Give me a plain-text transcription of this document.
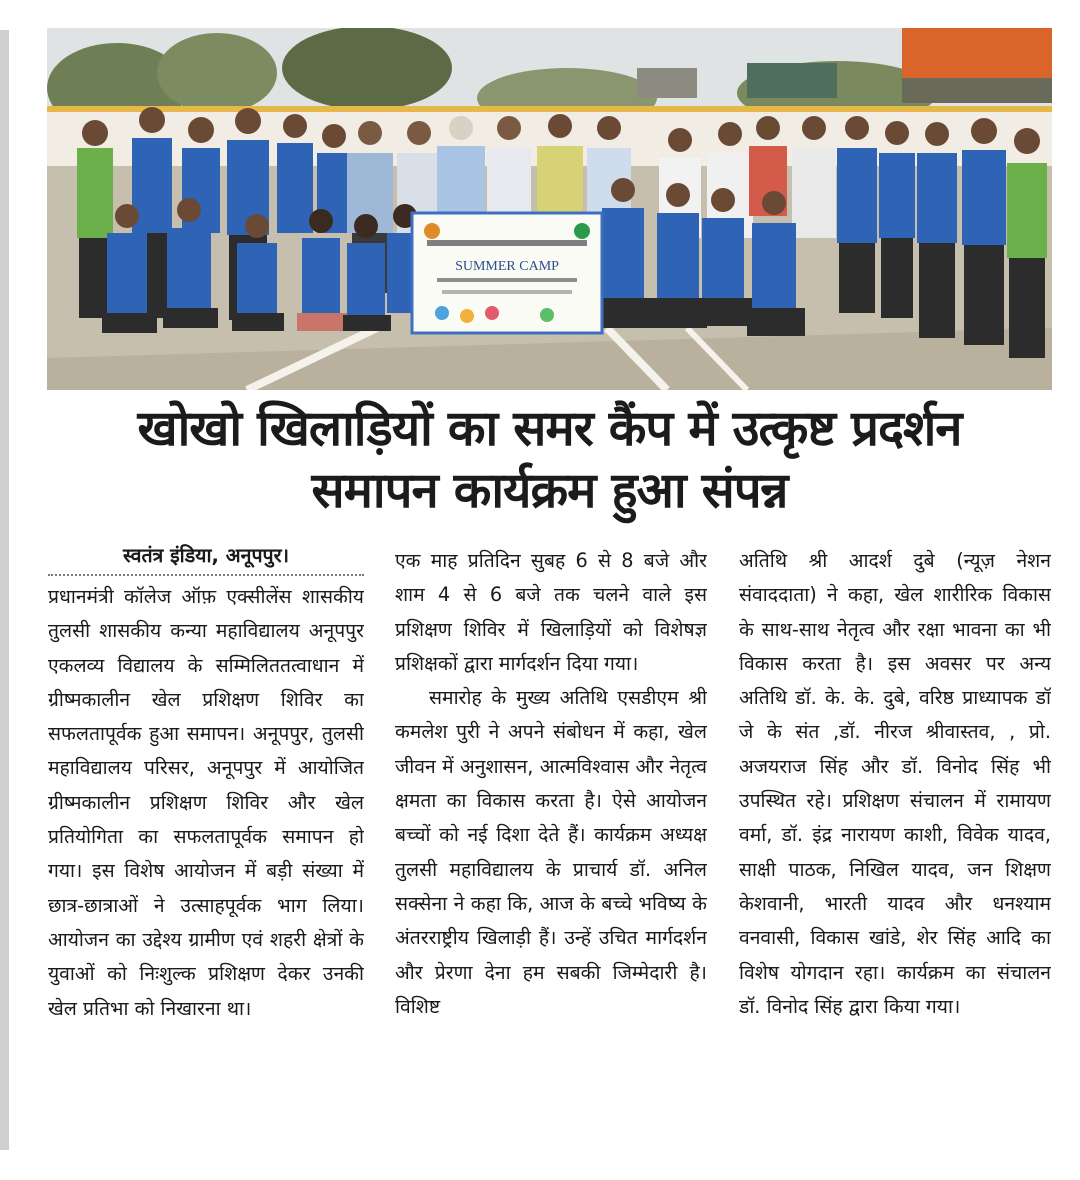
SUMMER CAMP
खोखो खिलाड़ियों का समर कैंप में उत्कृष्ट प्रदर्शन
समापन कार्यक्रम हुआ संपन्न

स्वतंत्र इंडिया, अनूपपुर।

प्रधानमंत्री कॉलेज ऑफ़ एक्सीलेंस शासकीय तुलसी शासकीय कन्या महाविद्यालय अनूपपुर एकलव्य विद्यालय के सम्मिलिततत्वाधान में ग्रीष्मकालीन खेल प्रशिक्षण शिविर का सफलतापूर्वक हुआ समापन। अनूपपुर, तुलसी महाविद्यालय परिसर, अनूपपुर में आयोजित ग्रीष्मकालीन प्रशिक्षण शिविर और खेल प्रतियोगिता का सफलतापूर्वक समापन हो गया। इस विशेष आयोजन में बड़ी संख्या में छात्र-छात्राओं ने उत्साहपूर्वक भाग लिया। आयोजन का उद्देश्य ग्रामीण एवं शहरी क्षेत्रों के युवाओं को निःशुल्क प्रशिक्षण देकर उनकी खेल प्रतिभा को निखारना था।

एक माह प्रतिदिन सुबह 6 से 8 बजे और शाम 4 से 6 बजे तक चलने वाले इस प्रशिक्षण शिविर में खिलाड़ियों को विशेषज्ञ प्रशिक्षकों द्वारा मार्गदर्शन दिया गया।

समारोह के मुख्य अतिथि एसडीएम श्री कमलेश पुरी ने अपने संबोधन में कहा, खेल जीवन में अनुशासन, आत्मविश्वास और नेतृत्व क्षमता का विकास करता है। ऐसे आयोजन बच्चों को नई दिशा देते हैं। कार्यक्रम अध्यक्ष तुलसी महाविद्यालय के प्राचार्य डॉ. अनिल सक्सेना ने कहा कि, आज के बच्चे भविष्य के अंतरराष्ट्रीय खिलाड़ी हैं। उन्हें उचित मार्गदर्शन और प्रेरणा देना हम सबकी जिम्मेदारी है। विशिष्ट

अतिथि श्री आदर्श दुबे (न्यूज़ नेशन संवाददाता) ने कहा, खेल शारीरिक विकास के साथ-साथ नेतृत्व और रक्षा भावना का भी विकास करता है। इस अवसर पर अन्य अतिथि डॉ. के. के. दुबे, वरिष्ठ प्राध्यापक डॉ जे के संत ,डॉ. नीरज श्रीवास्तव, , प्रो. अजयराज सिंह और डॉ. विनोद सिंह भी उपस्थित रहे। प्रशिक्षण संचालन में रामायण वर्मा, डॉ. इंद्र नारायण काशी, विवेक यादव, साक्षी पाठक, निखिल यादव, जन शिक्षण केशवानी, भारती यादव और धनश्याम वनवासी, विकास खांडे, शेर सिंह आदि का विशेष योगदान रहा। कार्यक्रम का संचालन डॉ. विनोद सिंह द्वारा किया गया।
